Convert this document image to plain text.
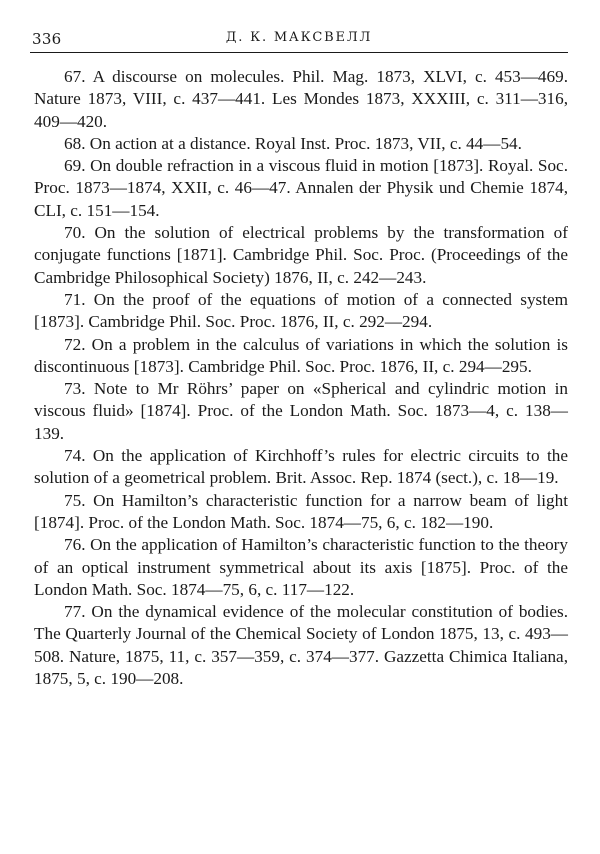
336	Д. К. МАКСВЕЛЛ
67. A discourse on molecules. Phil. Mag. 1873, XLVI, c. 453—469. Nature 1873, VIII, c. 437—441. Les Mondes 1873, XXXIII, c. 311—316, 409—420.
68. On action at a distance. Royal Inst. Proc. 1873, VII, c. 44—54.
69. On double refraction in a viscous fluid in motion [1873]. Royal. Soc. Proc. 1873—1874, XXII, c. 46—47. Annalen der Physik und Chemie 1874, CLI, c. 151—154.
70. On the solution of electrical problems by the transformation of conjugate functions [1871]. Cambridge Phil. Soc. Proc. (Proceedings of the Cambridge Philosophical Society) 1876, II, c. 242—243.
71. On the proof of the equations of motion of a connected system [1873]. Cambridge Phil. Soc. Proc. 1876, II, c. 292—294.
72. On a problem in the calculus of variations in which the solution is discontinuous [1873]. Cambridge Phil. Soc. Proc. 1876, II, c. 294—295.
73. Note to Mr Röhrs’ paper on «Spherical and cylindric motion in viscous fluid» [1874]. Proc. of the London Math. Soc. 1873—4, c. 138—139.
74. On the application of Kirchhoff’s rules for electric circuits to the solution of a geometrical problem. Brit. Assoc. Rep. 1874 (sect.), c. 18—19.
75. On Hamilton’s characteristic function for a narrow beam of light [1874]. Proc. of the London Math. Soc. 1874—75, 6, c. 182—190.
76. On the application of Hamilton’s characteristic function to the theory of an optical instrument symmetrical about its axis [1875]. Proc. of the London Math. Soc. 1874—75, 6, c. 117—122.
77. On the dynamical evidence of the molecular constitution of bodies. The Quarterly Journal of the Chemical Society of London 1875, 13, c. 493—508. Nature, 1875, 11, c. 357—359, c. 374—377. Gazzetta Chimica Italiana, 1875, 5, c. 190—208.
